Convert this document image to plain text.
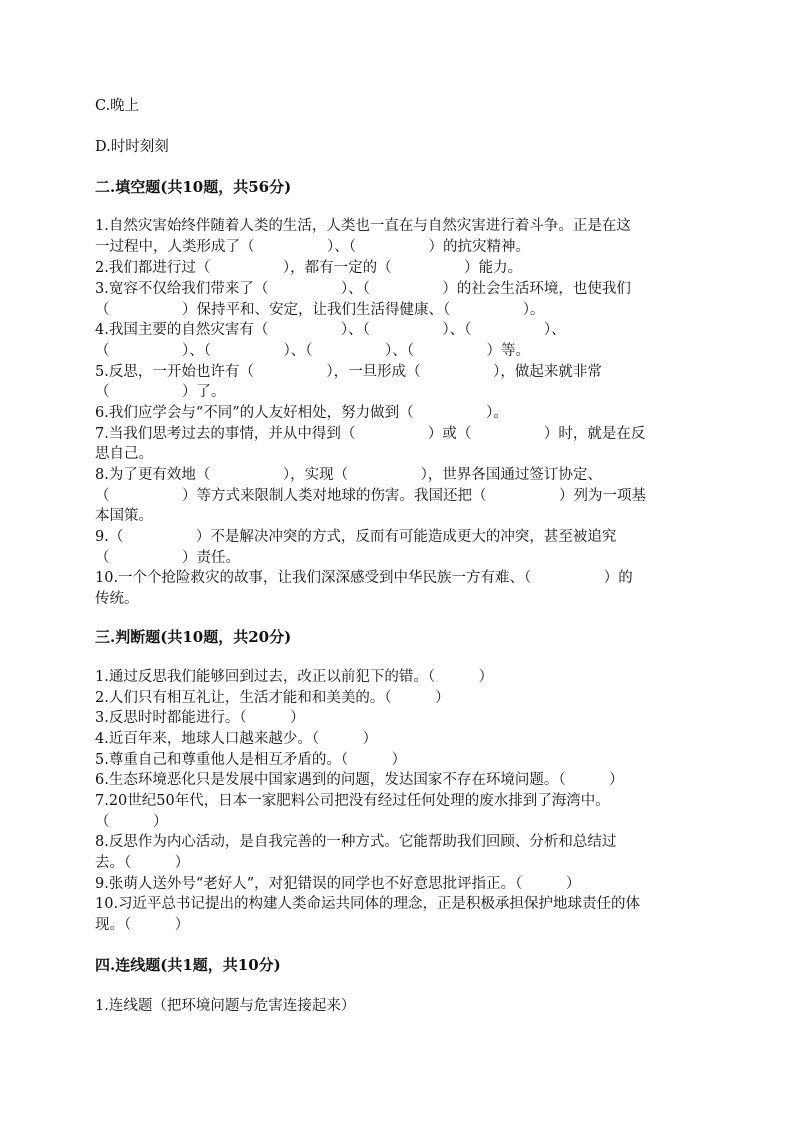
C.晚上
D.时时刻刻
二.填空题(共10题，共56分)
1.自然灾害始终伴随着人类的生活，人类也一直在与自然灾害进行着斗争。正是在这
一过程中，人类形成了（　　　　　）、（　　　　　）的抗灾精神。
2.我们都进行过（　　　　　），都有一定的（　　　　　）能力。
3.宽容不仅给我们带来了（　　　　　）、（　　　　　）的社会生活环境，也使我们
（　　　　　）保持平和、安定，让我们生活得健康、（　　　　　）。
4.我国主要的自然灾害有（　　　　　）、（　　　　　）、（　　　　　）、
（　　　　　）、（　　　　　）、（　　　　　）、（　　　　　）等。
5.反思，一开始也许有（　　　　　），一旦形成（　　　　　），做起来就非常
（　　　　　）了。
6.我们应学会与“不同”的人友好相处，努力做到（　　　　　）。
7.当我们思考过去的事情，并从中得到（　　　　　）或（　　　　　）时，就是在反
思自己。
8.为了更有效地（　　　　　），实现（　　　　　），世界各国通过签订协定、
（　　　　　）等方式来限制人类对地球的伤害。我国还把（　　　　　）列为一项基
本国策。
9.（　　　　　）不是解决冲突的方式，反而有可能造成更大的冲突，甚至被追究
（　　　　　）责任。
10.一个个抢险救灾的故事，让我们深深感受到中华民族一方有难、（　　　　　）的
传统。
三.判断题(共10题，共20分)
1.通过反思我们能够回到过去，改正以前犯下的错。（　　　）
2.人们只有相互礼让，生活才能和和美美的。（　　　）
3.反思时时都能进行。（　　　）
4.近百年来，地球人口越来越少。（　　　）
5.尊重自己和尊重他人是相互矛盾的。（　　　）
6.生态环境恶化只是发展中国家遇到的问题，发达国家不存在环境问题。（　　　）
7.20世纪50年代，日本一家肥料公司把没有经过任何处理的废水排到了海湾中。
（　　　）
8.反思作为内心活动，是自我完善的一种方式。它能帮助我们回顾、分析和总结过
去。（　　　）
9.张萌人送外号“老好人”，对犯错误的同学也不好意思批评指正。（　　　）
10.习近平总书记提出的构建人类命运共同体的理念，正是积极承担保护地球责任的体
现。（　　　）
四.连线题(共1题，共10分)
1.连线题（把环境问题与危害连接起来）
